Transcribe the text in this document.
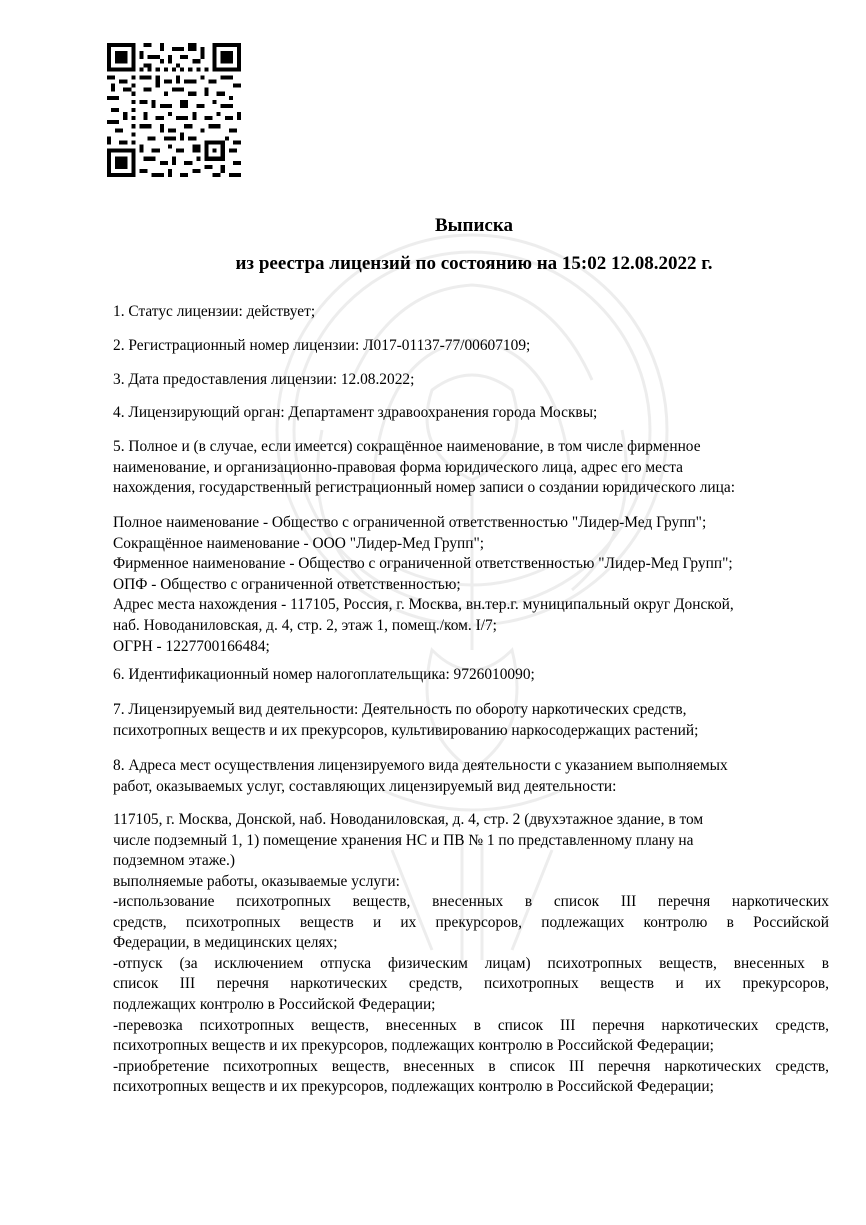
Выписка
из реестра лицензий по состоянию на 15:02 12.08.2022 г.
1. Статус лицензии: действует;
2. Регистрационный номер лицензии: Л017-01137-77/00607109;
3. Дата предоставления лицензии: 12.08.2022;
4. Лицензирующий орган: Департамент здравоохранения города Москвы;
5. Полное и (в случае, если имеется) сокращённое наименование, в том числе фирменное
наименование, и организационно-правовая форма юридического лица, адрес его места
нахождения, государственный регистрационный номер записи о создании юридического лица:
Полное наименование - Общество с ограниченной ответственностью "Лидер-Мед Групп";
Сокращённое наименование - ООО "Лидер-Мед Групп";
Фирменное наименование - Общество с ограниченной ответственностью "Лидер-Мед Групп";
ОПФ - Общество с ограниченной ответственностью;
Адрес места нахождения - 117105, Россия, г. Москва, вн.тер.г. муниципальный округ Донской,
наб. Новоданиловская, д. 4, стр. 2, этаж 1, помещ./ком. I/7;
ОГРН - 1227700166484;
6. Идентификационный номер налогоплательщика: 9726010090;
7. Лицензируемый вид деятельности: Деятельность по обороту наркотических средств,
психотропных веществ и их прекурсоров, культивированию наркосодержащих растений;
8. Адреса мест осуществления лицензируемого вида деятельности с указанием выполняемых
работ, оказываемых услуг, составляющих лицензируемый вид деятельности:
117105, г. Москва, Донской, наб. Новоданиловская, д. 4, стр. 2 (двухэтажное здание, в том
числе подземный 1, 1) помещение хранения НС и ПВ № 1 по представленному плану на
подземном этаже.)
выполняемые работы, оказываемые услуги:
-использование психотропных веществ, внесенных в список III перечня наркотических
средств, психотропных веществ и их прекурсоров, подлежащих контролю в Российской
Федерации, в медицинских целях;
-отпуск (за исключением отпуска физическим лицам) психотропных веществ, внесенных в
список III перечня наркотических средств, психотропных веществ и их прекурсоров,
подлежащих контролю в Российской Федерации;
-перевозка психотропных веществ, внесенных в список III перечня наркотических средств,
психотропных веществ и их прекурсоров, подлежащих контролю в Российской Федерации;
-приобретение психотропных веществ, внесенных в список III перечня наркотических средств,
психотропных веществ и их прекурсоров, подлежащих контролю в Российской Федерации;
